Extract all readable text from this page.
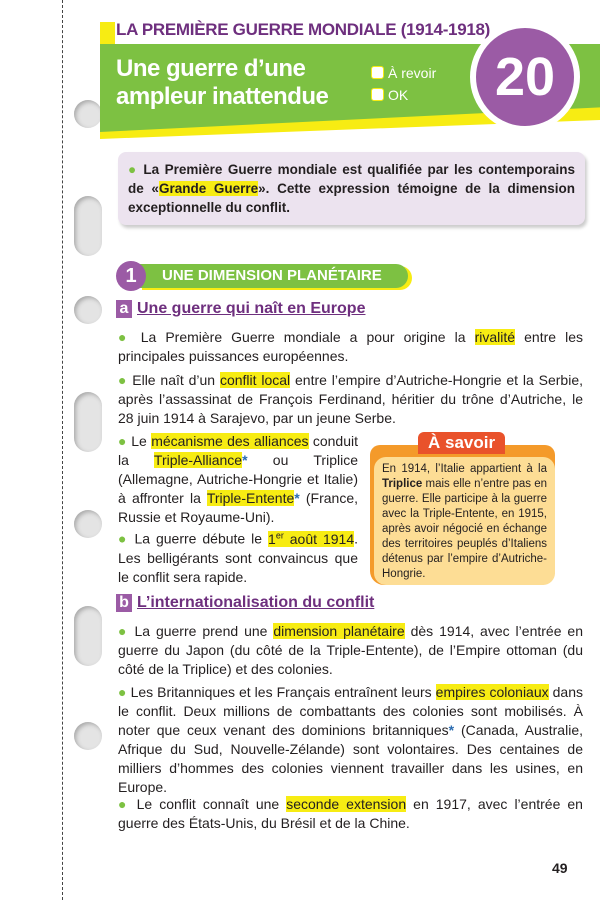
LA PREMIÈRE GUERRE MONDIALE (1914-1918)
Une guerre d’une
ampleur inattendue
À revoir
OK	20
● La Première Guerre mondiale est qualifiée par les contemporains de «Grande Guerre». Cette expression témoigne de la dimension exceptionnelle du conflit.
1	UNE DIMENSION PLANÉTAIRE
a Une guerre qui naît en Europe
● La Première Guerre mondiale a pour origine la rivalité entre les principales puissances européennes.
● Elle naît d’un conflit local entre l’empire d’Autriche-Hongrie et la Serbie, après l’assassinat de François Ferdinand, héritier du trône d’Autriche, le 28 juin 1914 à Sarajevo, par un jeune Serbe.
● Le mécanisme des alliances conduit la Triple-Alliance* ou Triplice (Allemagne, Autriche-Hongrie et Italie) à affronter la Triple-Entente* (France, Russie et Royaume-Uni).
● La guerre débute le 1er août 1914. Les belligérants sont convaincus que le conflit sera rapide.
À savoir
En 1914, l’Italie appartient à la Triplice mais elle n’entre pas en guerre. Elle participe à la guerre avec la Triple-Entente, en 1915, après avoir négocié en échange des territoires peuplés d’Italiens détenus par l’empire d’Autriche-Hongrie.
b L’internationalisation du conflit
● La guerre prend une dimension planétaire dès 1914, avec l’entrée en guerre du Japon (du côté de la Triple-Entente), de l’Empire ottoman (du côté de la Triplice) et des colonies.
● Les Britanniques et les Français entraînent leurs empires coloniaux dans le conflit. Deux millions de combattants des colonies sont mobilisés. À noter que ceux venant des dominions britanniques* (Canada, Australie, Afrique du Sud, Nouvelle-Zélande) sont volontaires. Des centaines de milliers d’hommes des colonies viennent travailler dans les usines, en Europe.
● Le conflit connaît une seconde extension en 1917, avec l’entrée en guerre des États-Unis, du Brésil et de la Chine.
49
